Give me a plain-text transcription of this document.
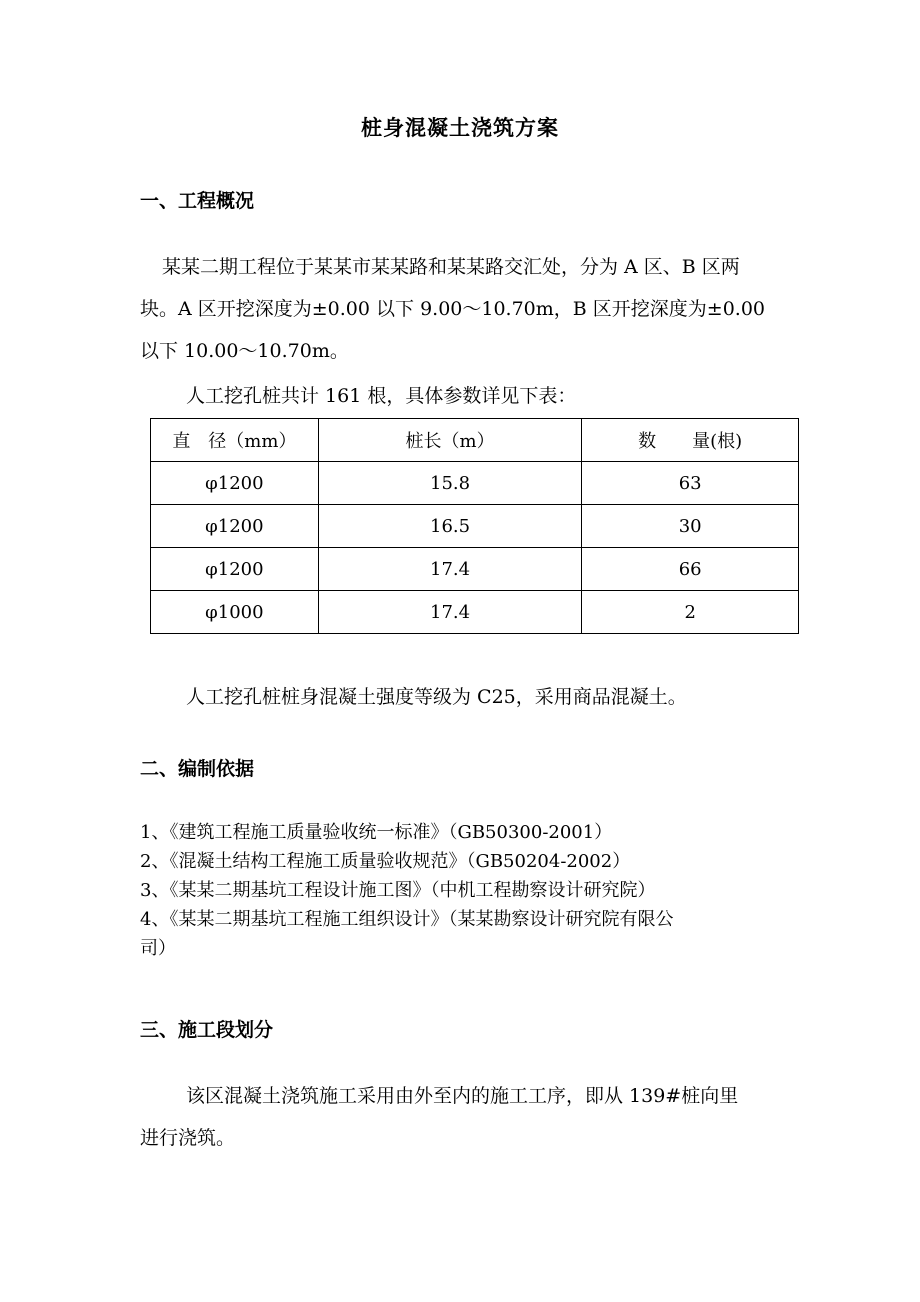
桩身混凝土浇筑方案
一、工程概况
某某二期工程位于某某市某某路和某某路交汇处，分为 A 区、B 区两
块。A 区开挖深度为±0.00 以下 9.00～10.70m，B 区开挖深度为±0.00
以下 10.00～10.70m。
人工挖孔桩共计 161 根，具体参数详见下表：
直　径（mm）	桩长（m）	数　　量(根)
φ1200	15.8	63
φ1200	16.5	30
φ1200	17.4	66
φ1000	17.4	2
人工挖孔桩桩身混凝土强度等级为 C25，采用商品混凝土。
二、编制依据
1、《建筑工程施工质量验收统一标准》（GB50300-2001）
2、《混凝土结构工程施工质量验收规范》（GB50204-2002）
3、《某某二期基坑工程设计施工图》（中机工程勘察设计研究院）
4、《某某二期基坑工程施工组织设计》（某某勘察设计研究院有限公
司）
三、施工段划分
该区混凝土浇筑施工采用由外至内的施工工序，即从 139#桩向里
进行浇筑。
